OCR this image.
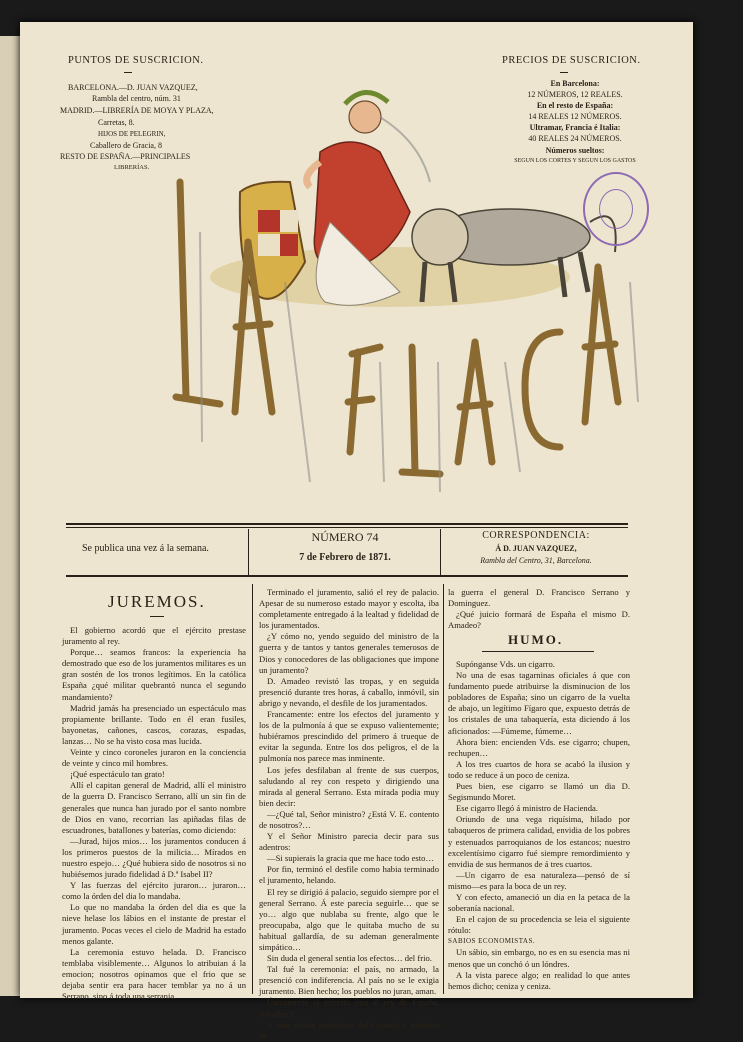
PUNTOS DE SUSCRICION.
BARCELONA.—D. JUAN VAZQUEZ,
Rambla del centro, núm. 31
MADRID.—LIBRERÍA DE MOYA Y PLAZA,
Carretas, 8.
HIJOS DE PELEGRIN,
Caballero de Gracia, 8
RESTO DE ESPAÑA.—PRINCIPALES
LIBRERÍAS.
PRECIOS DE SUSCRICION.
En Barcelona:
12 NÚMEROS, 12 REALES.
En el resto de España:
14 REALES 12 NÚMEROS.
Ultramar, Francia é Italia:
40 REALES 24 NÚMEROS.
Números sueltos:
SEGUN LOS CORTES Y SEGUN LOS GASTOS
Se publica una vez á la semana.
NÚMERO 74
7 de Febrero de 1871.
CORRESPONDENCIA:
Á D. JUAN VAZQUEZ,
Rambla del Centro, 31, Barcelona.
JUREMOS.

El gobierno acordó que el ejército prestase juramento al rey.

Porque… seamos francos: la experiencia ha demostrado que eso de los juramentos militares es un gran sostén de los tronos legítimos. En la católica España ¿qué militar quebrantó nunca el segundo mandamiento?

Madrid jamás ha presenciado un espectáculo mas propiamente brillante. Todo en él eran fusiles, bayonetas, cañones, cascos, corazas, espadas, lanzas… No se ha visto cosa mas lucida.

Veinte y cinco coroneles juraron en la conciencia de veinte y cinco mil hombres.

¡Qué espectáculo tan grato!

Allí el capitan general de Madrid, allí el ministro de la guerra D. Francisco Serrano, allí un sin fin de generales que nunca han jurado por el santo nombre de Dios en vano, recorrian las apiñadas filas de escuadrones, batallones y baterías, como diciendo:

—Jurad, hijos mios… los juramentos conducen á los primeros puestos de la milicia… Mírados en nuestro espejo… ¿Qué hubiera sido de nosotros si no hubiésemos jurado fidelidad á D.ª Isabel II?

Y las fuerzas del ejército juraron… juraron… como la órden del dia lo mandaba.

Lo que no mandaba la órden del dia es que la nieve helase los lábios en el instante de prestar el juramento. Pocas veces el cielo de Madrid ha estado menos galante.

La ceremonia estuvo helada. D. Francisco temblaba visiblemente… Algunos lo atribuian á la emocion; nosotros opinamos que el frio que se dejaba sentir era para hacer temblar ya no á un Serrano, sino á toda una serrania.

Terminado el juramento, salió el rey de palacio. Apesar de su numeroso estado mayor y escolta, iba completamente entregado á la lealtad y fidelidad de los juramentados.

¿Y cómo no, yendo seguido del ministro de la guerra y de tantos y tantos generales temerosos de Dios y conocedores de las obligaciones que impone un juramento?

D. Amadeo revistó las tropas, y en seguida presenció durante tres horas, á caballo, inmóvil, sin abrigo y nevando, el desfile de los juramentados.

Francamente: entre los efectos del juramento y los de la pulmonía á que se expuso valientemente; hubiéramos prescindido del primero á trueque de evitar la segunda. Entre los dos peligros, el de la pulmonía nos parece mas inminente.

Los jefes desfilaban al frente de sus cuerpos, saludando al rey con respeto y dirigiendo una mirada al general Serrano. Esta mirada podia muy bien decir:

—¿Qué tal, Señor ministro? ¿Está V. E. contento de nosotros?…

Y el Señor Ministro parecia decir para sus adentros:

—Si supierais la gracia que me hace todo esto…

Por fin, terminó el desfile como habia terminado el juramento, helando.

El rey se dirigió á palacio, seguido siempre por el general Serrano. Á este parecia seguirle… que se yo… algo que nublaba su frente, algo que le preocupaba, algo que le quitaba mucho de su habitual gallardía, de su ademan generalmente simpático…

Sin duda el general sentia los efectos… del frio.

Tal fué la ceremonia: el país, no armado, la presenció con indiferencia. Al país no se le exigia juramento. Bien hecho; los pueblos no juran, aman.

Únicamente el ejército jura al rey de España, Amadeo I…

Y esto siendo presidente del Consejo y ministro de

la guerra el general D. Francisco Serrano y Dominguez.

¿Qué juicio formará de España el mismo D. Amadeo?

HUMO.

Supónganse Vds. un cigarro.

No una de esas tagarninas oficiales á que con fundamento puede atribuirse la disminucion de los pobladores de España; sino un cigarro de la vuelta de abajo, un legítimo Fígaro que, expuesto detrás de los cristales de una tabaquería, esta diciendo á los aficionados: —Fúmeme, fúmeme…

Ahora bien: encienden Vds. ese cigarro; chupen, rechupen…

A los tres cuartos de hora se acabó la ilusion y todo se reduce á un poco de ceniza.

Pues bien, ese cigarro se llamó un dia D. Segismundo Moret.

Ese cigarro llegó á ministro de Hacienda.

Oriundo de una vega riquísima, hilado por tabaqueros de primera calidad, envidia de los pobres y estenuados parroquianos de los estancos; nuestro excelentísimo cigarro fué siempre remordimiento y envidia de sus hermanos de á tres cuartos.

—Un cigarro de esa naturaleza—pensó de sí mismo—es para la boca de un rey.

Y con efecto, amaneció un dia en la petaca de la soberanía nacional.

En el cajon de su procedencia se leia el siguiente rótulo:

SABIOS ECONOMISTAS.

Un sábio, sin embargo, no es en su esencia mas ni menos que un conchó ó un lóndres.

A la vista parece algo; en realidad lo que antes hemos dicho; ceniza y ceniza.
